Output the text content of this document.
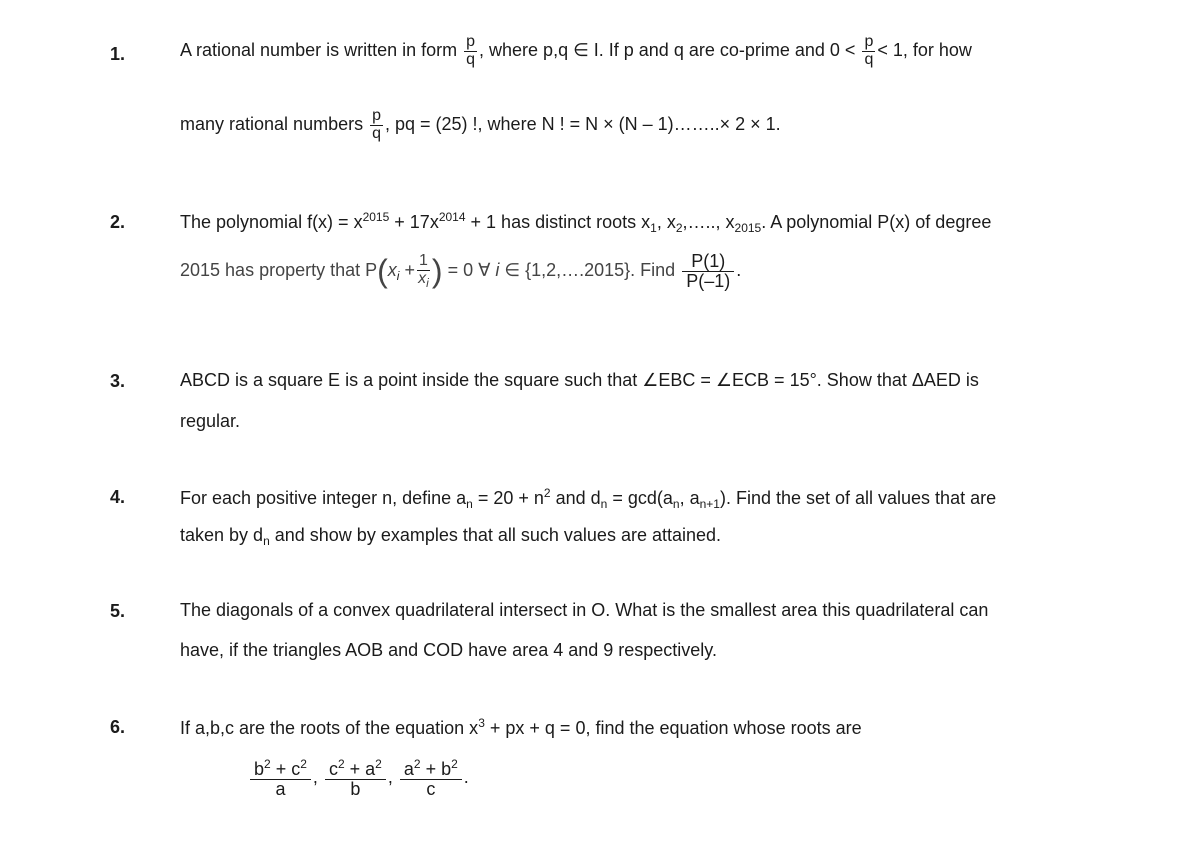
1.	A rational number is written in form $\frac{p}{q}$ , where p,q ∈ I. If p and q are co-prime and $0 < \frac{p}{q} < 1$, for how
many rational numbers $\frac{p}{q}$ , pq = (25) !, where N ! = N × (N – 1)……..× 2 × 1.
2.	The polynomial $f(x) = x^{2015} + 17x^{2014} + 1$ has distinct roots $x_1$, $x_2,\dots$.., $x_{2015}$. A polynomial P(x) of degree
2015 has property that $P(x_i + \frac{1}{x_i}$ ) = 0 ∀ i ∈ {1,2,….2015}. Find $\frac{P(1)}{P(-1)}$ .
3.	ABCD is a square E is a point inside the square such that ∠EBC = ∠ECB = 15°. Show that ΔAED is
regular.
4.	For each positive integer n, define $a_n = 20 + n^2$ and $d_n = \gcd(a_n$, $a_{n+1}$). Find the set of all values that are
taken by $d_n$ and show by examples that all such values are attained.
5.	The diagonals of a convex quadrilateral intersect in O. What is the smallest area this quadrilateral can
have, if the triangles AOB and COD have area 4 and 9 respectively.
6.	If a,b,c are the roots of the equation $x^3$ + px + q = 0, find the equation whose roots are
$\frac{b^2 + c^2}{a}$ , $\frac{c^2 + a^2}{b}$ , $\frac{a^2 + b^2}{c}$ .
